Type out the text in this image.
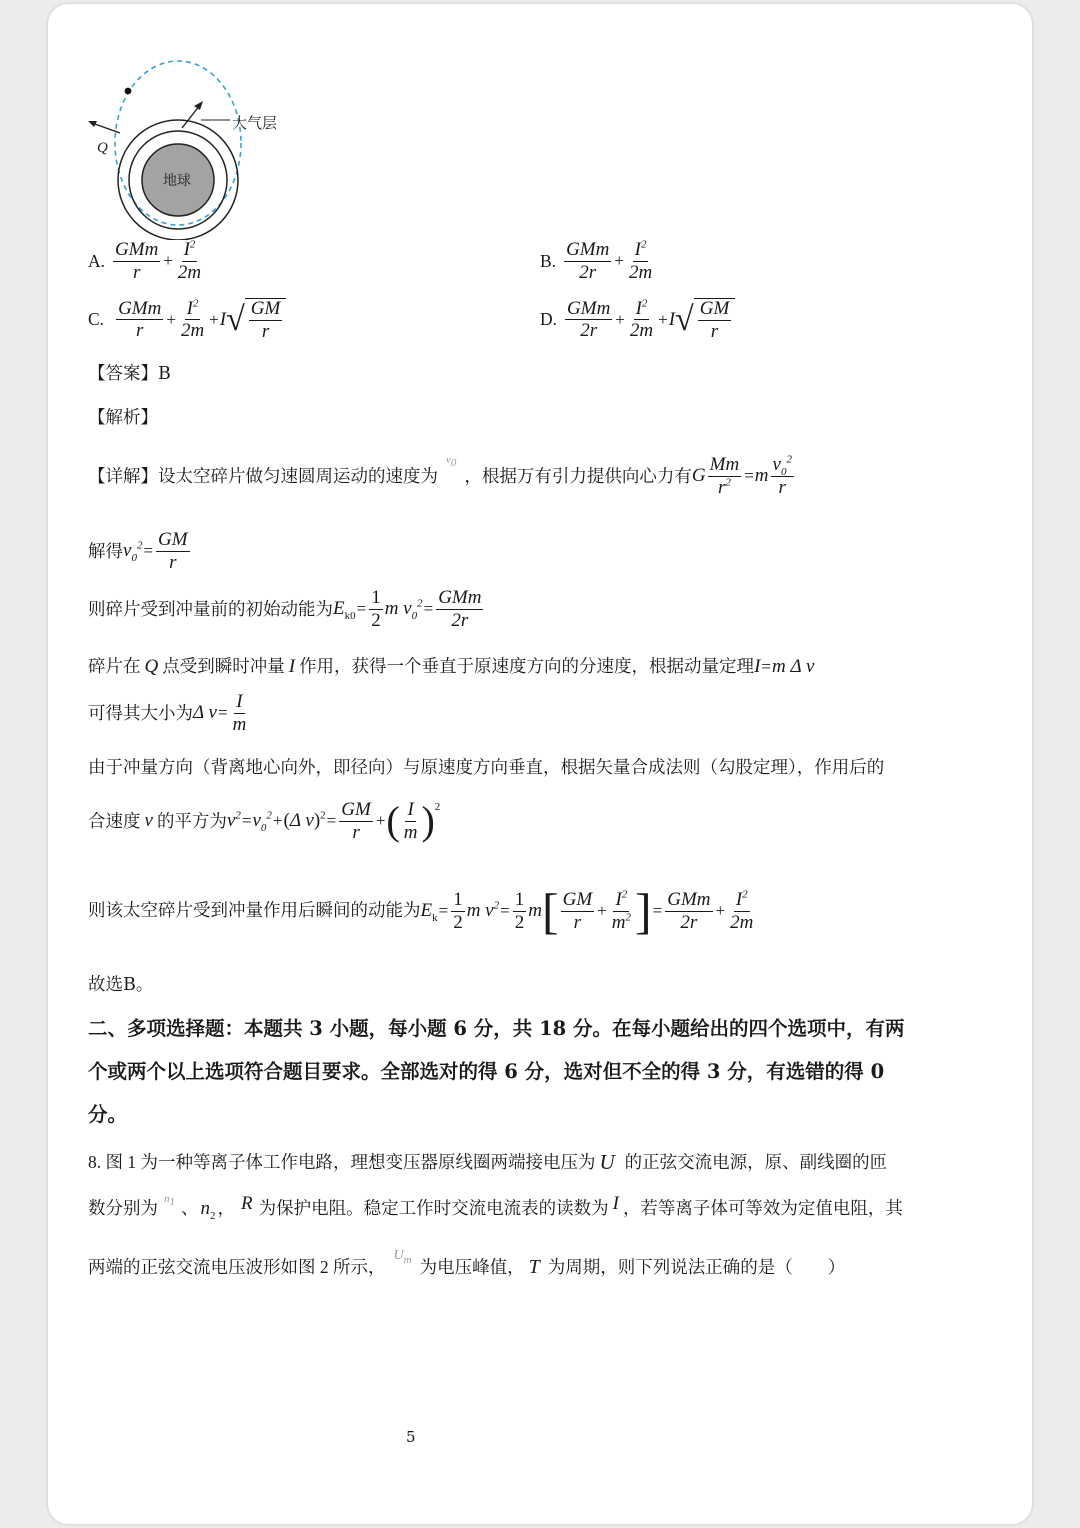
Q
大气层
地球
A. $\frac{\text{GMm}}{r} + \frac{I^2}{2m}$	B. $\frac{\text{GMm}}{2r} + \frac{I^2}{2m}$
C. $\frac{\text{GMm}}{r} + \frac{I^2}{2m} + I$ √ $\frac{GM}{r}$	D. $\frac{\text{GMm}}{2r} + \frac{I^2}{2m} + I$ √ $\frac{GM}{r}$
【答案】B
【解析】
【详解】设太空碎片做匀速圆周运动的速度为
$v_0$
，根据万有引力提供向心力有 G $\frac{Mm}{r^2} = m \frac{v_0^2}{r}$
解得 $v_0^2 = \frac{GM}{r}$
则碎片受到冲量前的初始动能为 $E_{k0} = \frac{1}{2}$ m $v_0^2 = \frac{\text{GMm}}{2r}$
碎片在 Q 点受到瞬时冲量 I 作用，获得一个垂直于原速度方向的分速度，根据动量定理 I = m Δ v
可得其大小为 Δ $v = \frac{I}{m}$
由于冲量方向（背离地心向外，即径向）与原速度方向垂直，根据矢量合成法则（勾股定理），作用后的
合速度 v 的平方为 $v^2 = v_0^2$ + ( Δ v )$^2 = \frac{GM}{r}$ + ( $\frac{I}{m} )^2$
则该太空碎片受到冲量作用后瞬间的动能为 $E_k = \frac{1}{2}$ m $v^2 = \frac{1}{2}$ m [ $\frac{GM}{r} + \frac{I^2}{m^2}$ ] = $\frac{\text{GMm}}{2r} + \frac{I^2}{2m}$
故选B。
二、多项选择题：本题共 3 小题，每小题 6 分，共 18 分。在每小题给出的四个选项中，有两
个或两个以上选项符合题目要求。全部选对的得 6 分，选对但不全的得 3 分，有选错的得 0
分。
8. 图 1 为一种等离子体工作电路，理想变压器原线圈两端接电压为 U 的正弦交流电源，原、副线圈的匝
数分别为 $n_1$ 、 $n_2$ ， R 为保护电阻。稳定工作时交流电流表的读数为 I ，若等离子体可等效为定值电阻，其
两端的正弦交流电压波形如图 2 所示，
$U_m$ 为电压峰值， T 为周期，则下列说法正确的是（　　）
5
